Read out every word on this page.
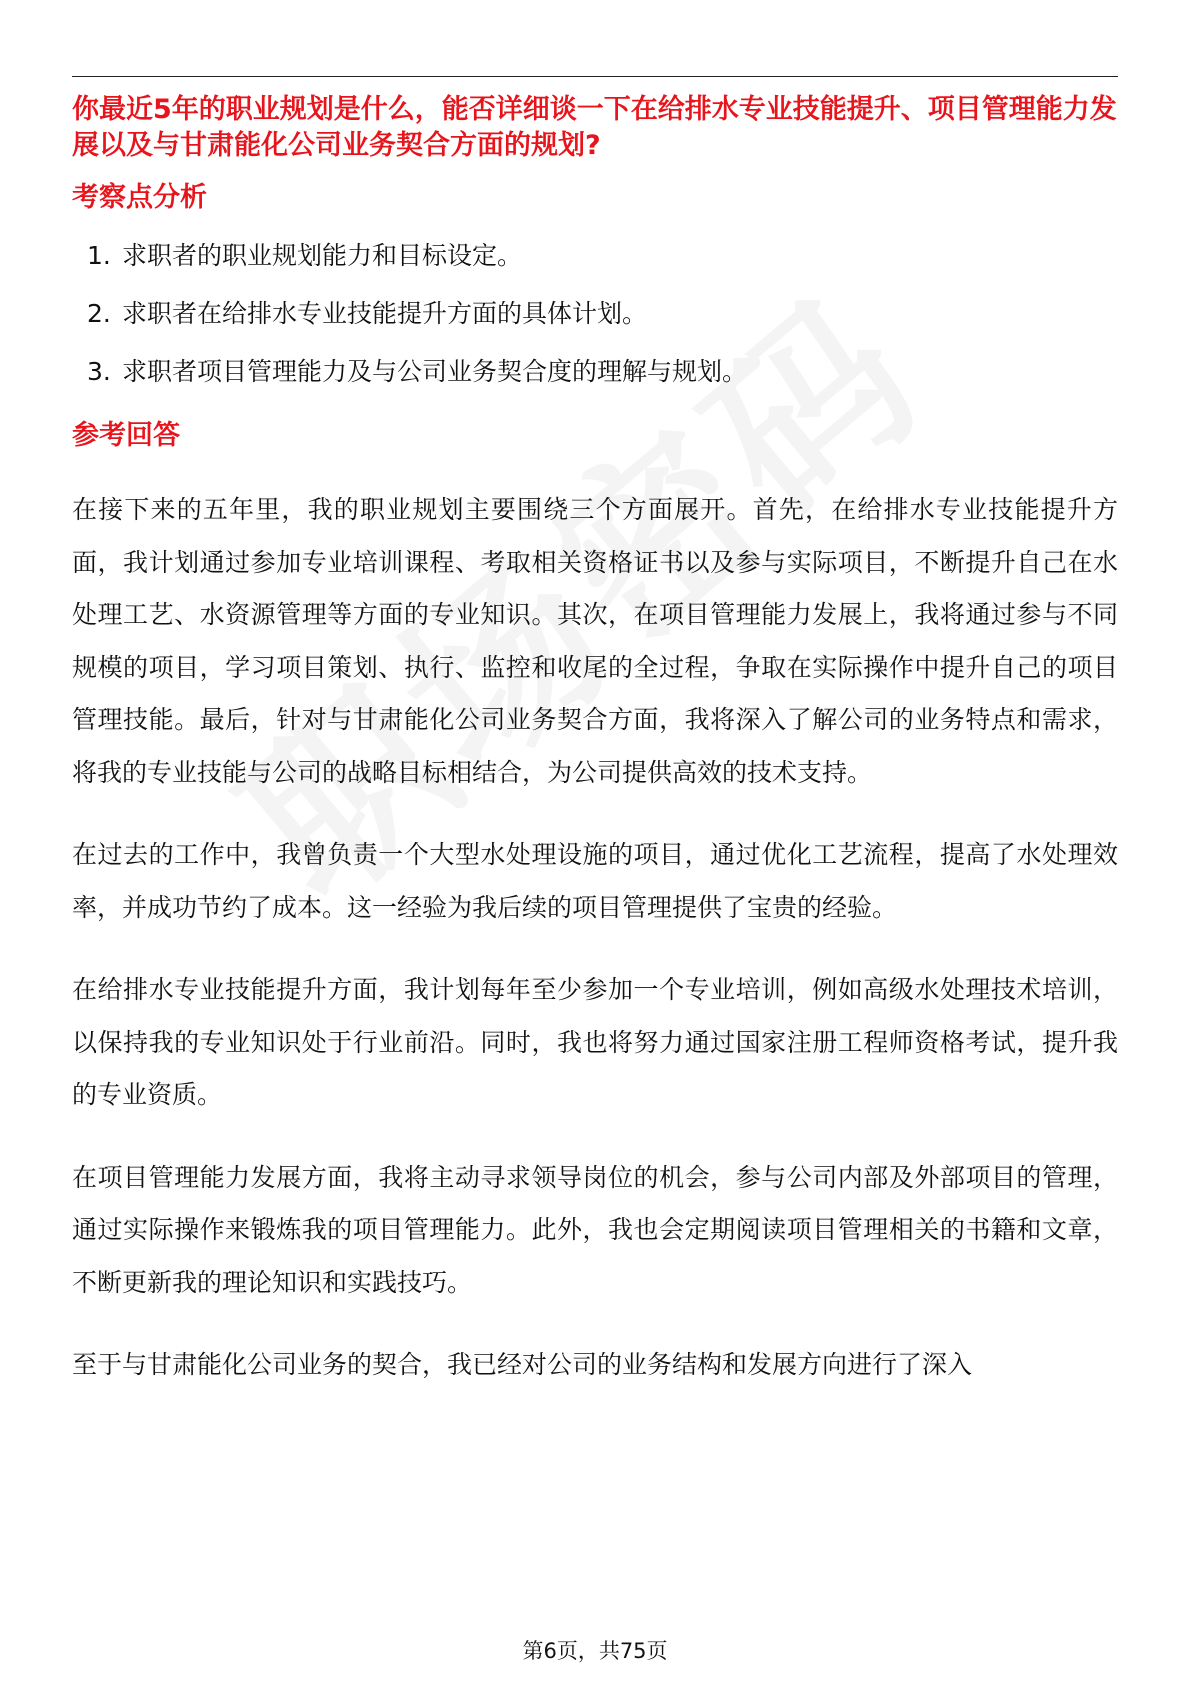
你最近5年的职业规划是什么，能否详细谈一下在给排水专业技能提升、项目管理能力发展以及与甘肃能化公司业务契合方面的规划?
考察点分析
1. 求职者的职业规划能力和目标设定。
2. 求职者在给排水专业技能提升方面的具体计划。
3. 求职者项目管理能力及与公司业务契合度的理解与规划。
参考回答

在接下来的五年里，我的职业规划主要围绕三个方面展开。首先，在给排水专业技能提升方面，我计划通过参加专业培训课程、考取相关资格证书以及参与实际项目，不断提升自己在水处理工艺、水资源管理等方面的专业知识。其次，在项目管理能力发展上，我将通过参与不同规模的项目，学习项目策划、执行、监控和收尾的全过程，争取在实际操作中提升自己的项目管理技能。最后，针对与甘肃能化公司业务契合方面，我将深入了解公司的业务特点和需求，将我的专业技能与公司的战略目标相结合，为公司提供高效的技术支持。

在过去的工作中，我曾负责一个大型水处理设施的项目，通过优化工艺流程，提高了水处理效率，并成功节约了成本。这一经验为我后续的项目管理提供了宝贵的经验。

在给排水专业技能提升方面，我计划每年至少参加一个专业培训，例如高级水处理技术培训，以保持我的专业知识处于行业前沿。同时，我也将努力通过国家注册工程师资格考试，提升我的专业资质。

在项目管理能力发展方面，我将主动寻求领导岗位的机会，参与公司内部及外部项目的管理，通过实际操作来锻炼我的项目管理能力。此外，我也会定期阅读项目管理相关的书籍和文章，不断更新我的理论知识和实践技巧。

至于与甘肃能化公司业务的契合，我已经对公司的业务结构和发展方向进行了深入

第6页，共75页
